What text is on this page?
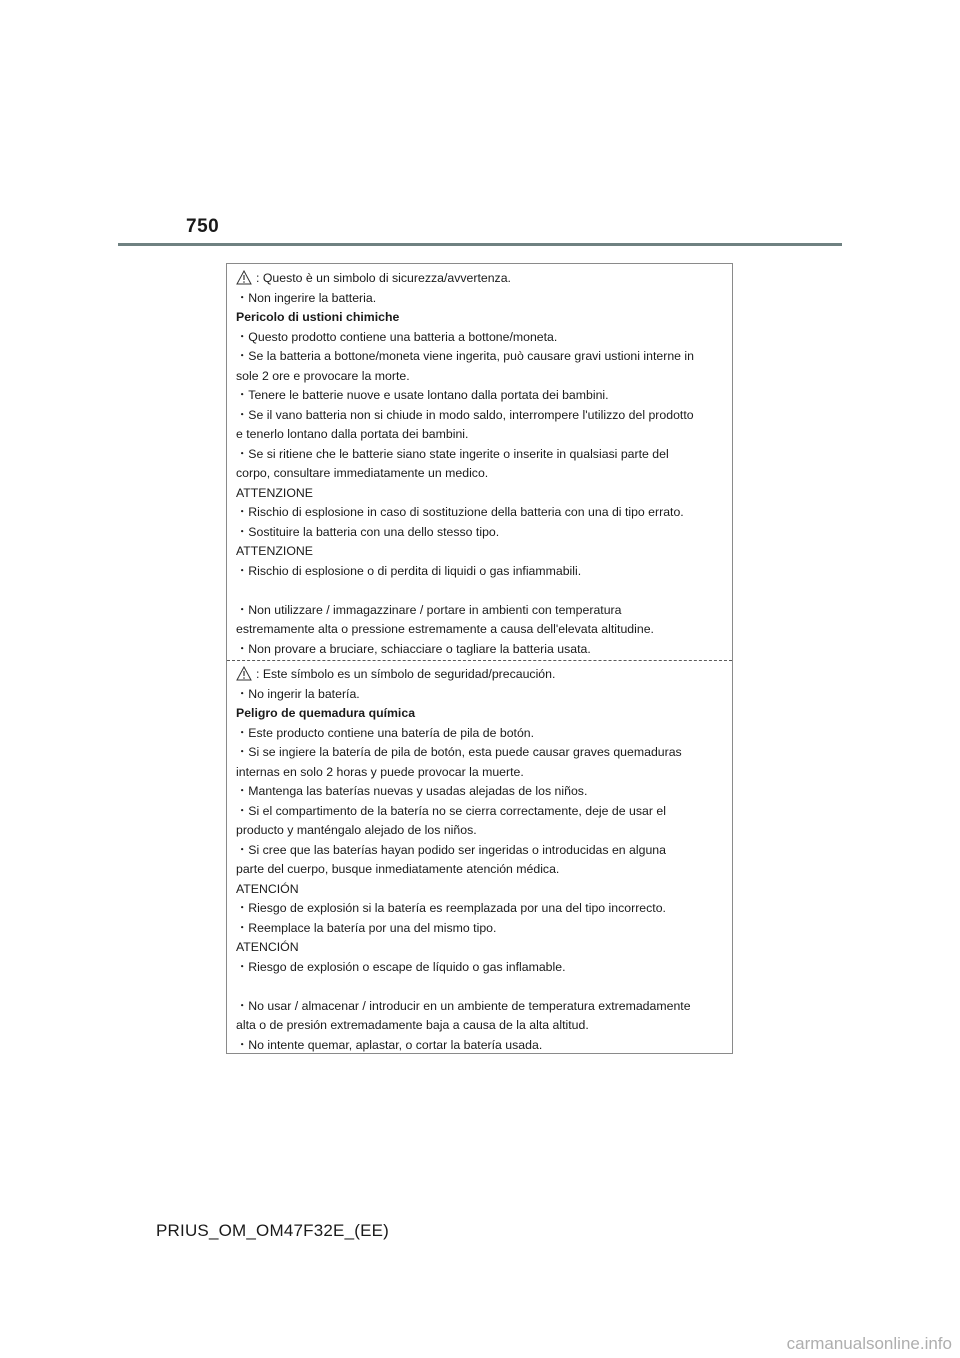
750
: Questo è un simbolo di sicurezza/avvertenza.
・Non ingerire la batteria.
Pericolo di ustioni chimiche
・Questo prodotto contiene una batteria a bottone/moneta.
・Se la batteria a bottone/moneta viene ingerita, può causare gravi ustioni interne in
sole 2 ore e provocare la morte.
・Tenere le batterie nuove e usate lontano dalla portata dei bambini.
・Se il vano batteria non si chiude in modo saldo, interrompere l'utilizzo del prodotto
e tenerlo lontano dalla portata dei bambini.
・Se si ritiene che le batterie siano state ingerite o inserite in qualsiasi parte del
corpo, consultare immediatamente un medico.
ATTENZIONE
・Rischio di esplosione in caso di sostituzione della batteria con una di tipo errato.
・Sostituire la batteria con una dello stesso tipo.
ATTENZIONE
・Rischio di esplosione o di perdita di liquidi o gas infiammabili.
・Non utilizzare / immagazzinare / portare in ambienti con temperatura
estremamente alta o pressione estremamente a causa dell'elevata altitudine.
・Non provare a bruciare, schiacciare o tagliare la batteria usata.
: Este símbolo es un símbolo de seguridad/precaución.
・No ingerir la batería.
Peligro de quemadura química
・Este producto contiene una batería de pila de botón.
・Si se ingiere la batería de pila de botón, esta puede causar graves quemaduras
internas en solo 2 horas y puede provocar la muerte.
・Mantenga las baterías nuevas y usadas alejadas de los niños.
・Si el compartimento de la batería no se cierra correctamente, deje de usar el
producto y manténgalo alejado de los niños.
・Si cree que las baterías hayan podido ser ingeridas o introducidas en alguna
parte del cuerpo, busque inmediatamente atención médica.
ATENCIÓN
・Riesgo de explosión si la batería es reemplazada por una del tipo incorrecto.
・Reemplace la batería por una del mismo tipo.
ATENCIÓN
・Riesgo de explosión o escape de líquido o gas inflamable.
・No usar / almacenar / introducir en un ambiente de temperatura extremadamente
alta o de presión extremadamente baja a causa de la alta altitud.
・No intente quemar, aplastar, o cortar la batería usada.
PRIUS_OM_OM47F32E_(EE)
carmanualsonline.info
